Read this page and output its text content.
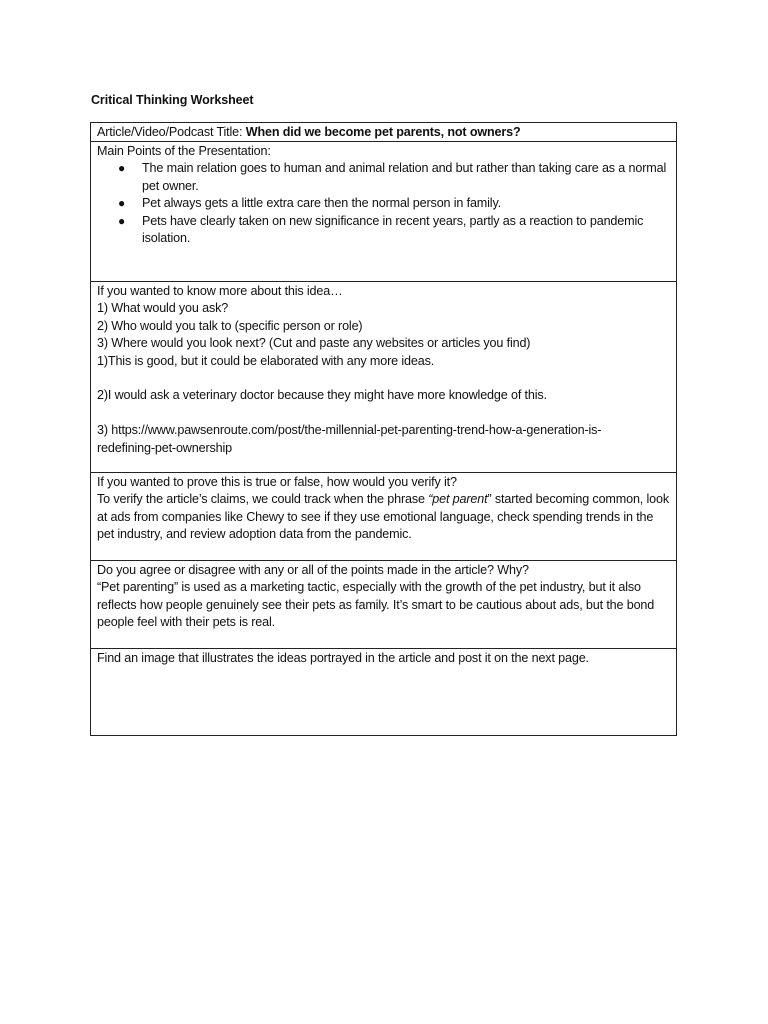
Critical Thinking Worksheet
Article/Video/Podcast Title: When did we become pet parents, not owners?
Main Points of the Presentation:
● The main relation goes to human and animal relation and but rather than taking care as a normal pet owner.
● Pet always gets a little extra care then the normal person in family.
● Pets have clearly taken on new significance in recent years, partly as a reaction to pandemic isolation.
If you wanted to know more about this idea…
1) What would you ask?
2) Who would you talk to (specific person or role)
3) Where would you look next? (Cut and paste any websites or articles you find)
1)This is good, but it could be elaborated with any more ideas.
2)I would ask a veterinary doctor because they might have more knowledge of this.
3) https://www.pawsenroute.com/post/the-millennial-pet-parenting-trend-how-a-generation-is-
redefining-pet-ownership
If you wanted to prove this is true or false, how would you verify it?
To verify the article’s claims, we could track when the phrase “pet parent” started becoming common, look at ads from companies like Chewy to see if they use emotional language, check spending trends in the pet industry, and review adoption data from the pandemic.
Do you agree or disagree with any or all of the points made in the article? Why?
“Pet parenting” is used as a marketing tactic, especially with the growth of the pet industry, but it also reflects how people genuinely see their pets as family. It’s smart to be cautious about ads, but the bond people feel with their pets is real.
Find an image that illustrates the ideas portrayed in the article and post it on the next page.
